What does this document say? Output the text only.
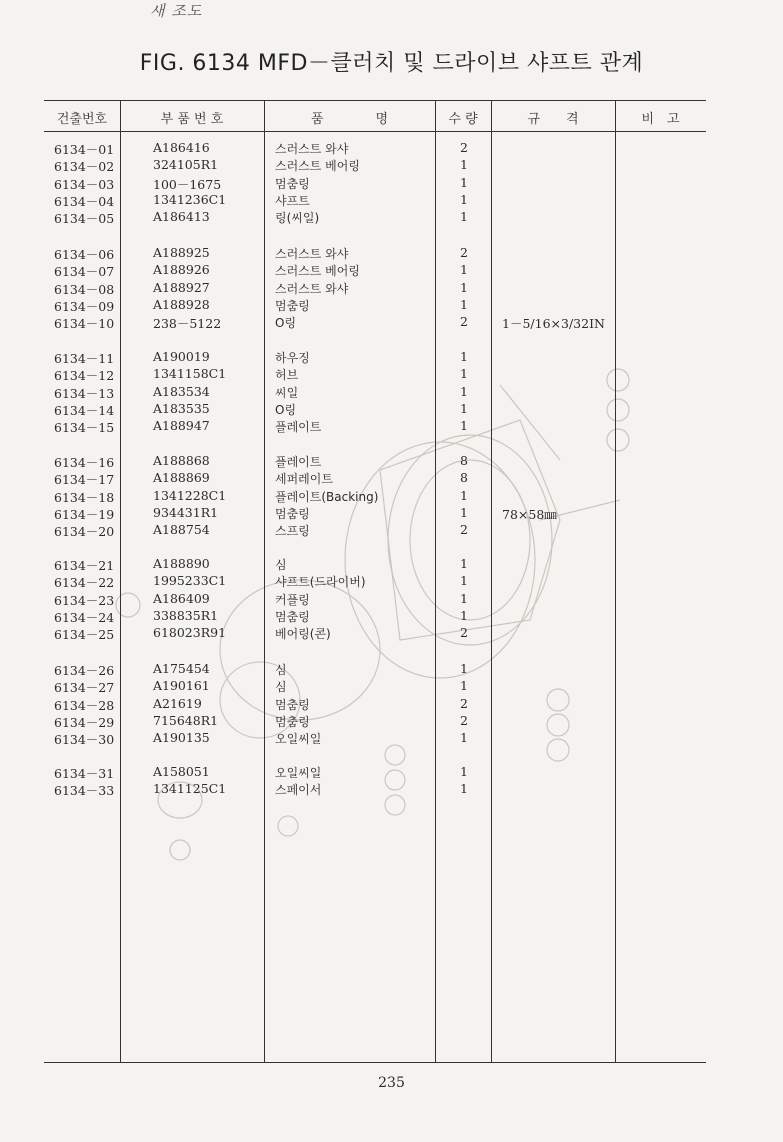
새 조도
FIG. 6134 MFD－클러치 및 드라이브 샤프트 관계
건출번호	부 품 번 호	품　　　　명	수 량	규　　격	비　고
6134－01	A186416	스러스트 와샤	2
6134－02	324105R1	스러스트 베어링	1
6134－03	100－1675	멈춤링	1
6134－04	1341236C1	샤프트	1
6134－05	A186413	링(씨일)	1
6134－06	A188925	스러스트 와샤	2
6134－07	A188926	스러스트 베어링	1
6134－08	A188927	스러스트 와샤	1
6134－09	A188928	멈춤링	1
6134－10	238－5122	O링	2	1－5/16×3/32IN
6134－11	A190019	하우징	1
6134－12	1341158C1	허브	1
6134－13	A183534	씨일	1
6134－14	A183535	O링	1
6134－15	A188947	플레이트	1
6134－16	A188868	플레이트	8
6134－17	A188869	세퍼레이트	8
6134－18	1341228C1	플레이트(Backing)	1
6134－19	934431R1	멈춤링	1	78×58㎜
6134－20	A188754	스프링	2
6134－21	A188890	심	1
6134－22	1995233C1	샤프트(드라이버)	1
6134－23	A186409	커플링	1
6134－24	338835R1	멈춤링	1
6134－25	618023R91	베어링(콘)	2
6134－26	A175454	심	1
6134－27	A190161	심	1
6134－28	A21619	멈춤링	2
6134－29	715648R1	멈춤링	2
6134－30	A190135	오일씨일	1
6134－31	A158051	오일씨일	1
6134－33	1341125C1	스페이서	1
235
